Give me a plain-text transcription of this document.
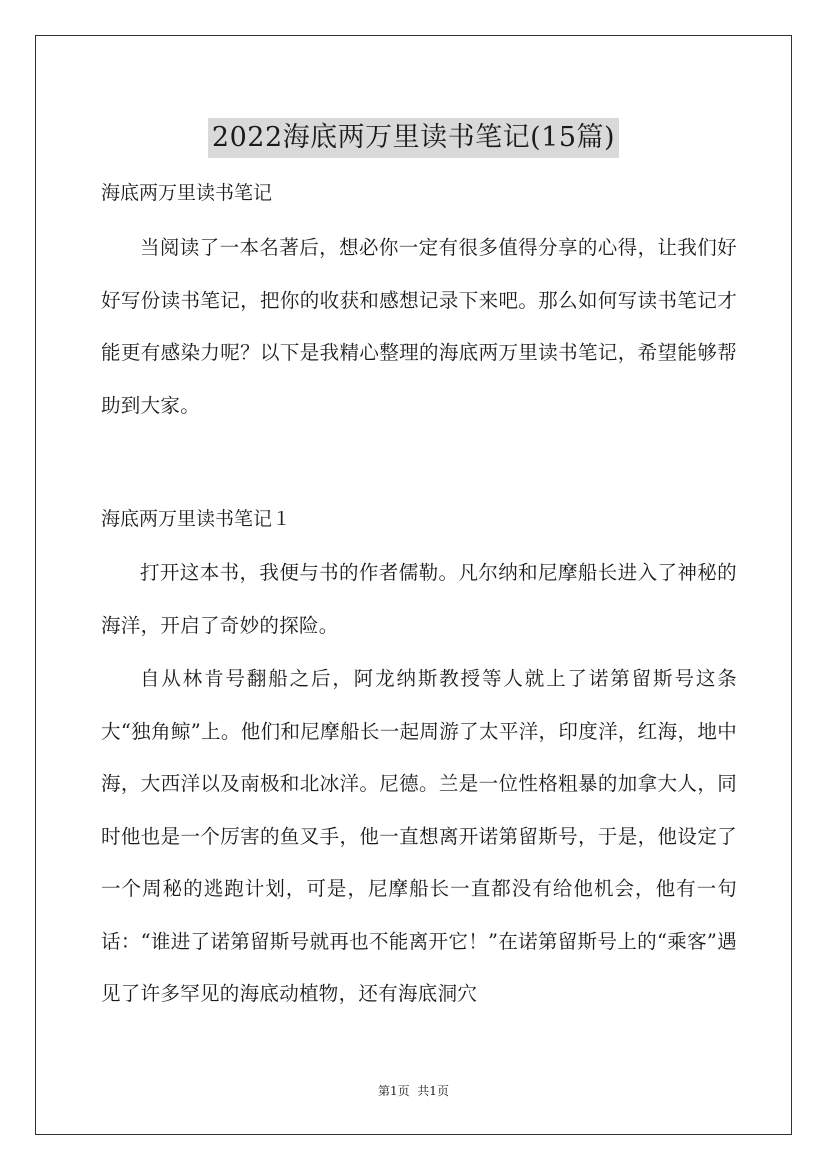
2022海底两万里读书笔记(15篇)
海底两万里读书笔记

当阅读了一本名著后，想必你一定有很多值得分享的心得，让我们好好写份读书笔记，把你的收获和感想记录下来吧。那么如何写读书笔记才能更有感染力呢？以下是我精心整理的海底两万里读书笔记，希望能够帮助到大家。

海底两万里读书笔记１

打开这本书，我便与书的作者儒勒。凡尔纳和尼摩船长进入了神秘的海洋，开启了奇妙的探险。

自从林肯号翻船之后，阿龙纳斯教授等人就上了诺第留斯号这条大“独角鲸”上。他们和尼摩船长一起周游了太平洋，印度洋，红海，地中海，大西洋以及南极和北冰洋。尼德。兰是一位性格粗暴的加拿大人，同时他也是一个厉害的鱼叉手，他一直想离开诺第留斯号，于是，他设定了一个周秘的逃跑计划，可是，尼摩船长一直都没有给他机会，他有一句话：“谁进了诺第留斯号就再也不能离开它！”在诺第留斯号上的“乘客”遇见了许多罕见的海底动植物，还有海底洞穴

第1页  共1页
